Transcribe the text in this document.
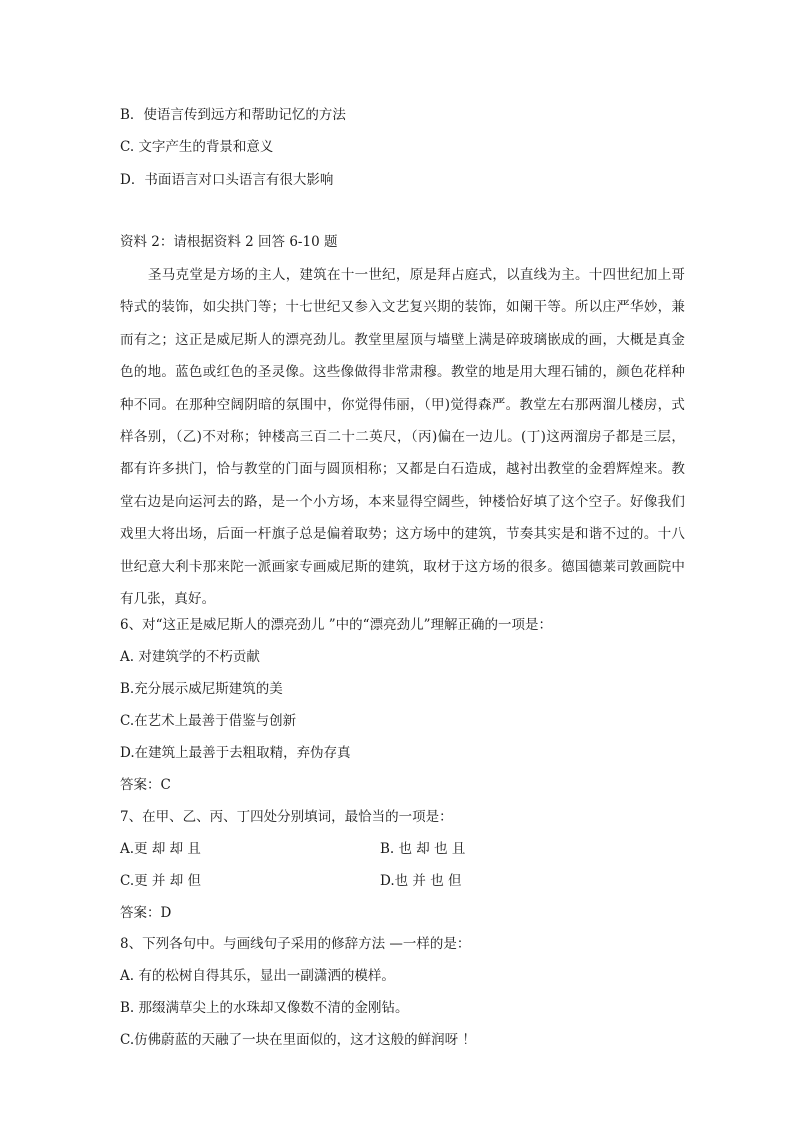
B．使语言传到远方和帮助记忆的方法
C. 文字产生的背景和意义
D．书面语言对口头语言有很大影响
资料 2：请根据资料 2 回答 6-10 题
圣马克堂是方场的主人，建筑在十一世纪，原是拜占庭式，以直线为主。十四世纪加上哥特式的装饰，如尖拱门等；十七世纪又参入文艺复兴期的装饰，如阑干等。所以庄严华妙，兼而有之；这正是威尼斯人的漂亮劲儿。教堂里屋顶与墙壁上满是碎玻璃嵌成的画，大概是真金色的地。蓝色或红色的圣灵像。这些像做得非常肃穆。教堂的地是用大理石铺的，颜色花样种种不同。在那种空阔阴暗的氛围中，你觉得伟丽，（甲)觉得森严。教堂左右那两溜儿楼房，式样各别，（乙)不对称；钟楼高三百二十二英尺，（丙)偏在一边儿。(丁)这两溜房子都是三层，都有许多拱门，恰与教堂的门面与圆顶相称；又都是白石造成，越衬出教堂的金碧辉煌来。教堂右边是向运河去的路，是一个小方场，本来显得空阔些，钟楼恰好填了这个空子。好像我们戏里大将出场，后面一杆旗子总是偏着取势；这方场中的建筑，节奏其实是和谐不过的。十八世纪意大利卡那来陀一派画家专画威尼斯的建筑，取材于这方场的很多。德国德莱司敦画院中有几张，真好。
6、对“这正是威尼斯人的漂亮劲儿 ”中的“漂亮劲儿”理解正确的一项是：
A. 对建筑学的不朽贡献
B.充分展示威尼斯建筑的美
C.在艺术上最善于借鉴与创新
D.在建筑上最善于去粗取精，弃伪存真
答案：C
7、在甲、乙、丙、丁四处分别填词，最恰当的一项是：
A.更 却 却 且	B. 也 却 也 且
C.更 并 却 但	D.也 并 也 但
答案：D
8、下列各句中。与画线句子采用的修辞方法 —一样的是：
A. 有的松树自得其乐，显出一副潇洒的模样。
B. 那缀满草尖上的水珠却又像数不清的金刚钻。
C.仿佛蔚蓝的天融了一块在里面似的，这才这般的鲜润呀 ！
